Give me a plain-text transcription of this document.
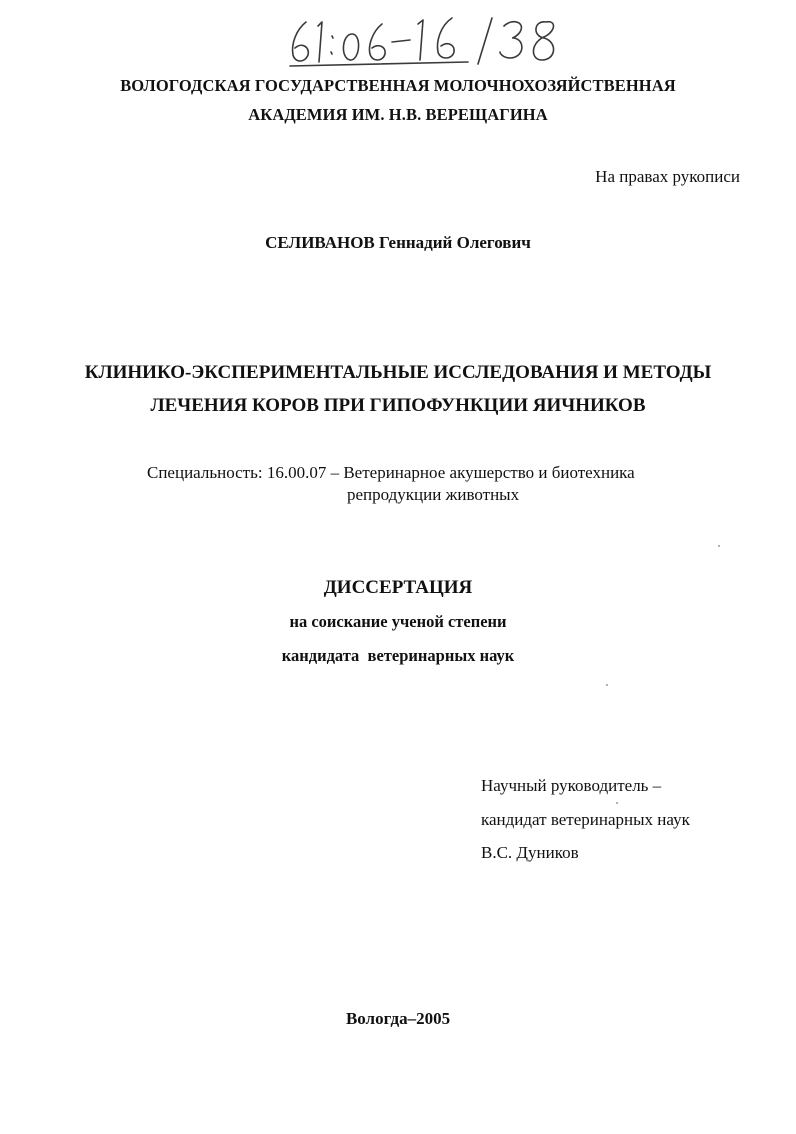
61:06-16/38
ВОЛОГОДСКАЯ ГОСУДАРСТВЕННАЯ МОЛОЧНОХОЗЯЙСТВЕННАЯ
АКАДЕМИЯ ИМ. Н.В. ВЕРЕЩАГИНА
На правах рукописи
СЕЛИВАНОВ Геннадий Олегович
КЛИНИКО-ЭКСПЕРИМЕНТАЛЬНЫЕ ИССЛЕДОВАНИЯ И МЕТОДЫ
ЛЕЧЕНИЯ КОРОВ ПРИ ГИПОФУНКЦИИ ЯИЧНИКОВ
Специальность: 16.00.07 – Ветеринарное акушерство и биотехника
репродукции животных
ДИССЕРТАЦИЯ
на соискание ученой степени
кандидата  ветеринарных наук
Научный руководитель –
кандидат ветеринарных наук
В.С. Дуников
Вологда–2005
